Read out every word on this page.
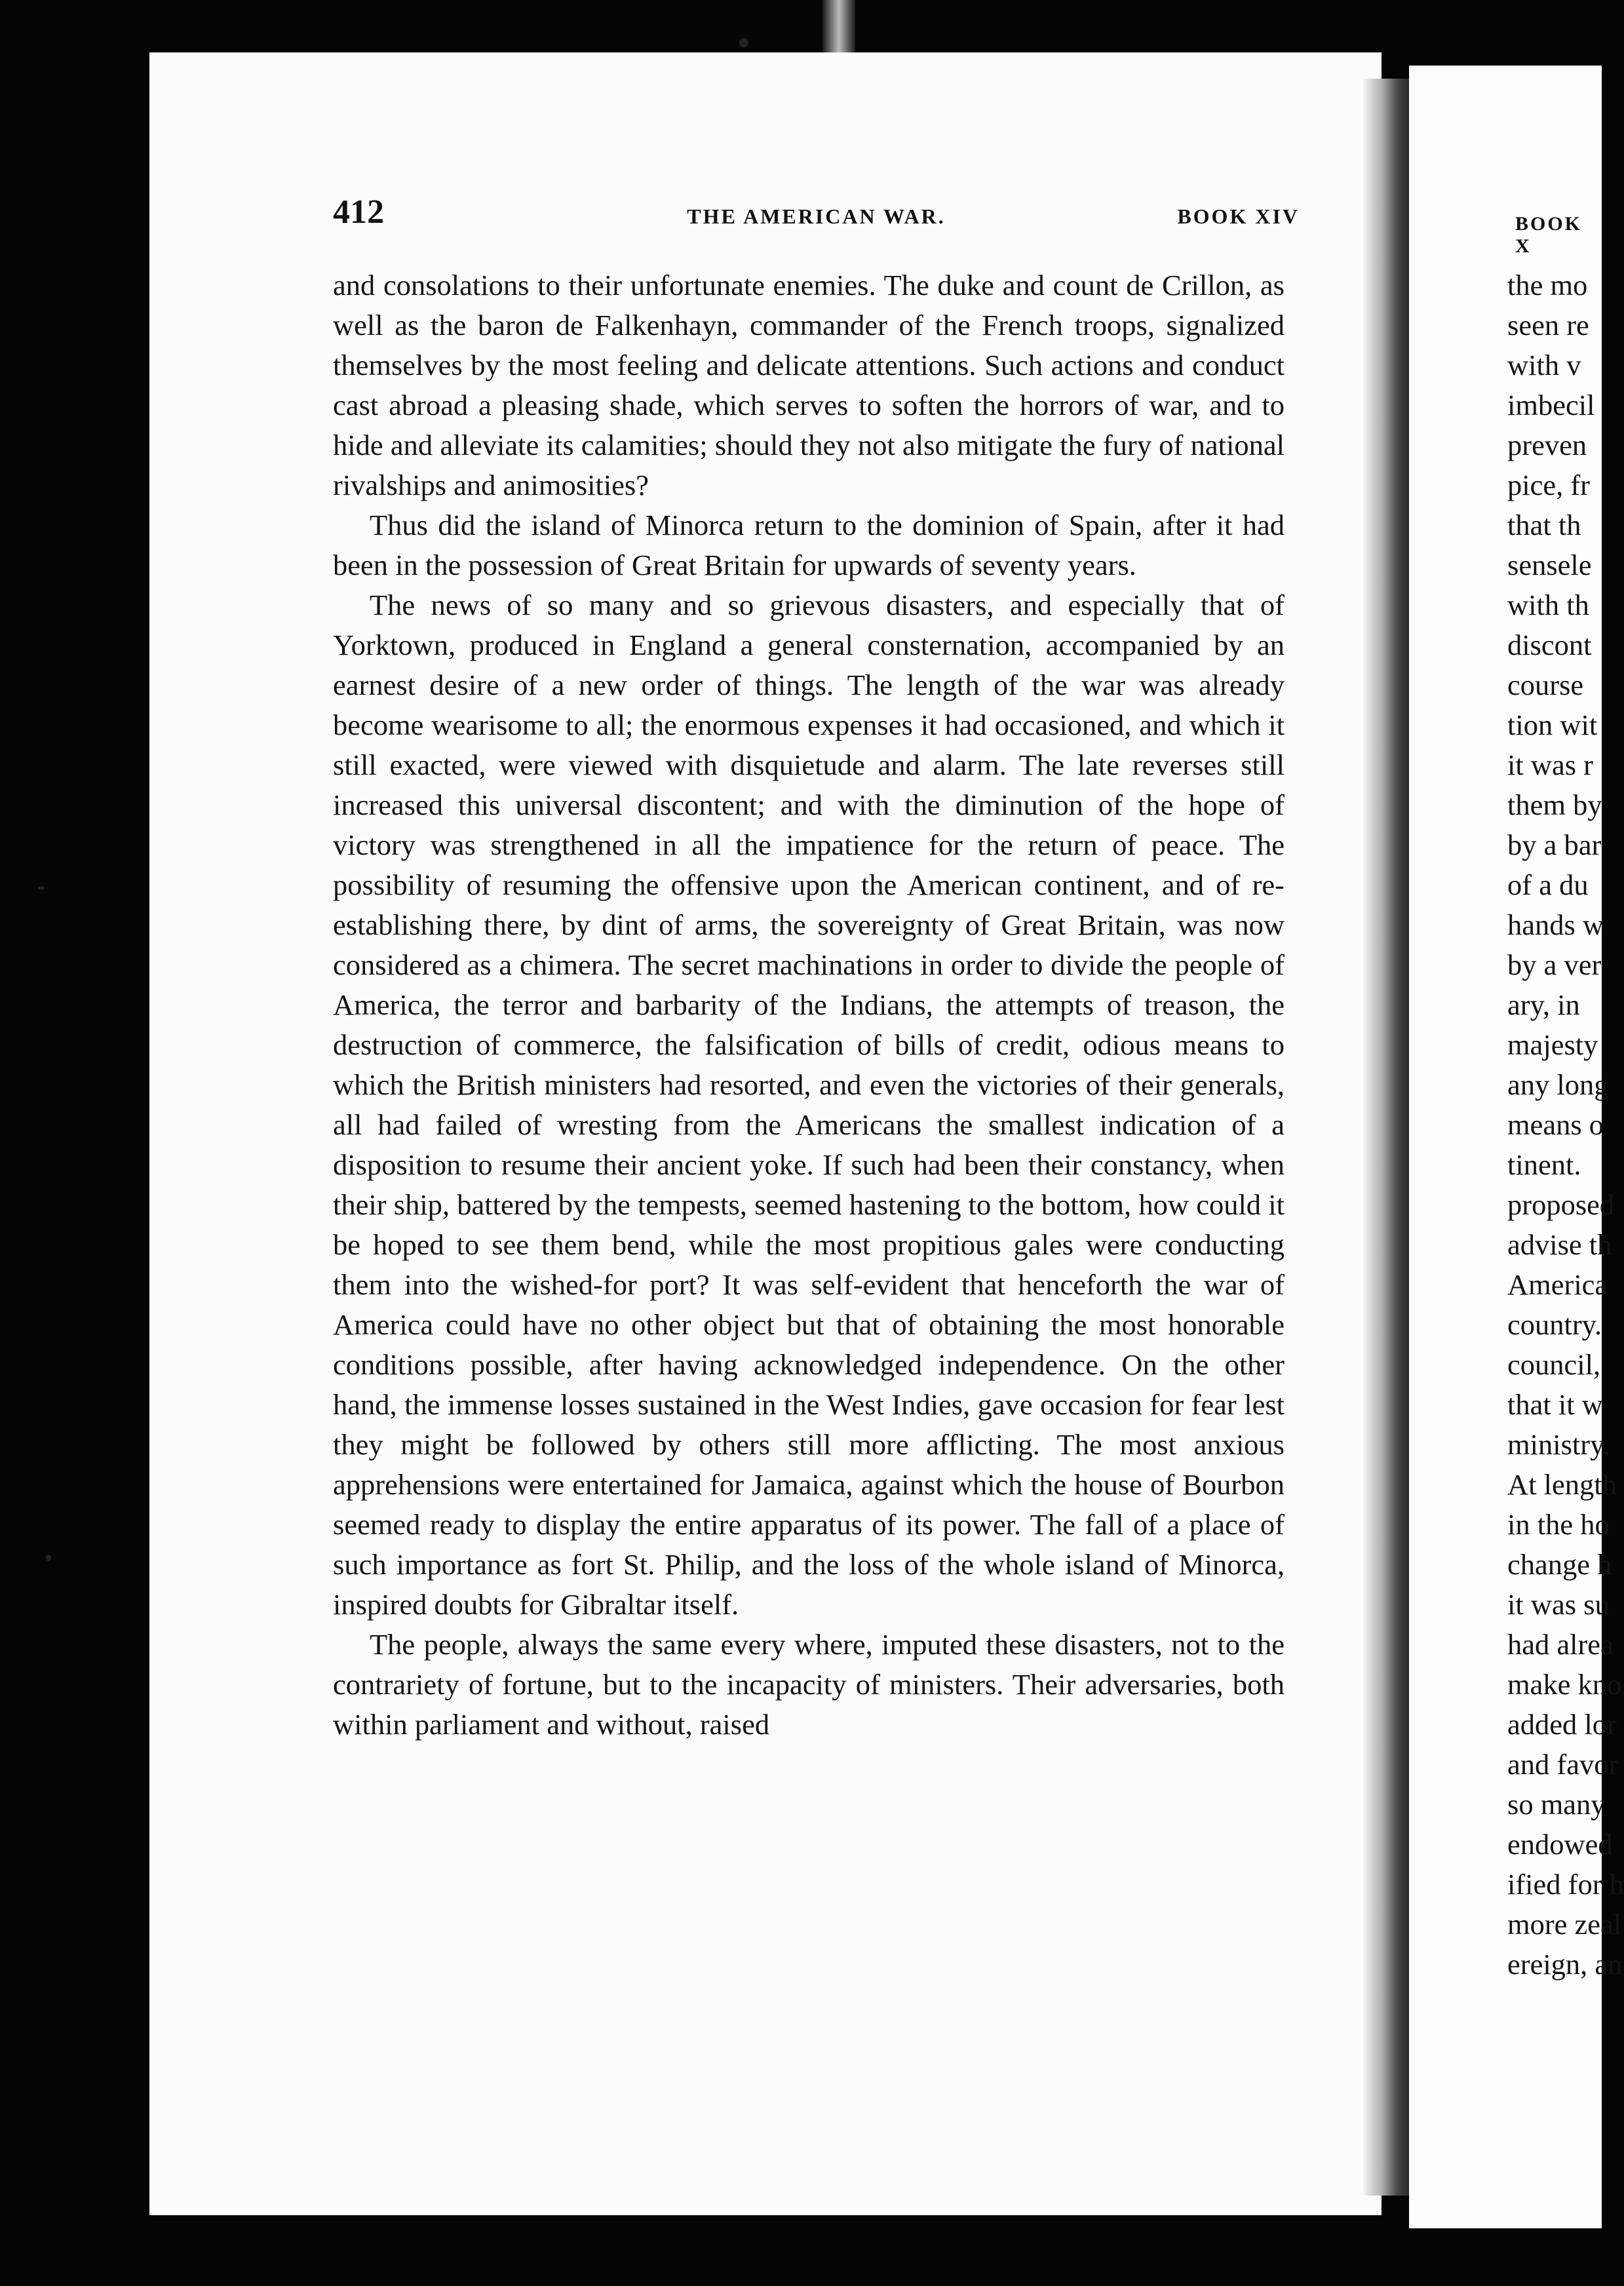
412	THE AMERICAN WAR.	BOOK XIV

and consolations to their unfortunate enemies. The duke and count de Crillon, as well as the baron de Falkenhayn, commander of the French troops, signalized themselves by the most feeling and delicate attentions. Such actions and conduct cast abroad a pleasing shade, which serves to soften the horrors of war, and to hide and alleviate its calamities; should they not also mitigate the fury of national rivalships and animosities?

Thus did the island of Minorca return to the dominion of Spain, after it had been in the possession of Great Britain for upwards of seventy years.

The news of so many and so grievous disasters, and especially that of Yorktown, produced in England a general consternation, accompanied by an earnest desire of a new order of things. The length of the war was already become wearisome to all; the enormous expenses it had occasioned, and which it still exacted, were viewed with disquietude and alarm. The late reverses still increased this universal discontent; and with the diminution of the hope of victory was strengthened in all the impatience for the return of peace. The possibility of resuming the offensive upon the American continent, and of re-establishing there, by dint of arms, the sovereignty of Great Britain, was now considered as a chimera. The secret machinations in order to divide the people of America, the terror and barbarity of the Indians, the attempts of treason, the destruction of commerce, the falsification of bills of credit, odious means to which the British ministers had resorted, and even the victories of their generals, all had failed of wresting from the Americans the smallest indication of a disposition to resume their ancient yoke. If such had been their constancy, when their ship, battered by the tempests, seemed hastening to the bottom, how could it be hoped to see them bend, while the most propitious gales were conducting them into the wished-for port? It was self-evident that henceforth the war of America could have no other object but that of obtaining the most honorable conditions possible, after having acknowledged independence. On the other hand, the immense losses sustained in the West Indies, gave occasion for fear lest they might be followed by others still more afflicting. The most anxious apprehensions were entertained for Jamaica, against which the house of Bourbon seemed ready to display the entire apparatus of its power. The fall of a place of such importance as fort St. Philip, and the loss of the whole island of Minorca, inspired doubts for Gibraltar itself.

The people, always the same every where, imputed these disasters, not to the contrariety of fortune, but to the incapacity of ministers. Their adversaries, both within parliament and without, raised

BOOK X
the mo
seen re
with v
imbecil
preven
pice, fr
that th
sensele
with th
discont
course
tion wit
it was r
them by
by a bar
of a du
hands w
by a ver
ary, in
majesty
any long
means o
tinent.
proposed
advise th
America
country.
council,
that it w
ministry.
At length
in the ho
change h
it was su
had alrea
make kno
added lor
and favor
so many
endowed
ified for h
more zeal
ereign, an
